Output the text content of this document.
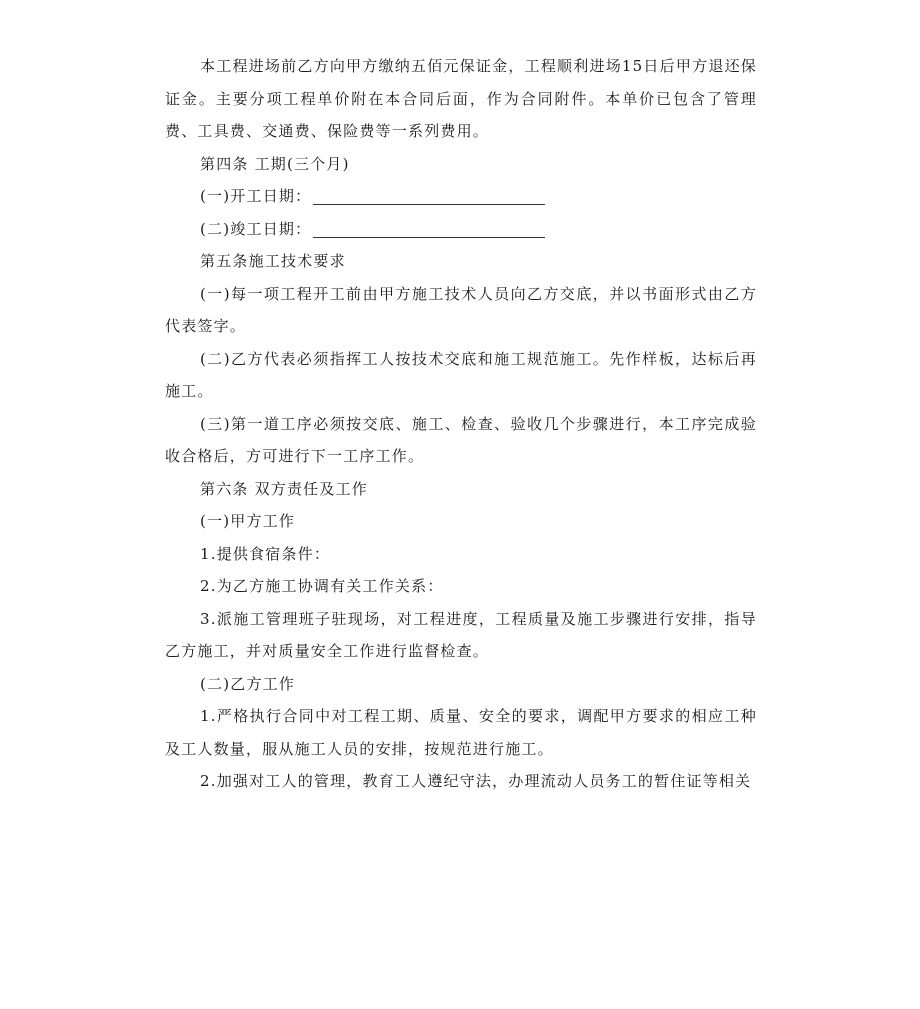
本工程进场前乙方向甲方缴纳五佰元保证金，工程顺利进场15日后甲方退还保证金。主要分项工程单价附在本合同后面，作为合同附件。本单价已包含了管理费、工具费、交通费、保险费等一系列费用。

第四条 工期(三个月)

(一)开工日期：

(二)竣工日期：

第五条施工技术要求

(一)每一项工程开工前由甲方施工技术人员向乙方交底，并以书面形式由乙方代表签字。

(二)乙方代表必须指挥工人按技术交底和施工规范施工。先作样板，达标后再施工。

(三)第一道工序必须按交底、施工、检查、验收几个步骤进行，本工序完成验收合格后，方可进行下一工序工作。

第六条 双方责任及工作

(一)甲方工作

1.提供食宿条件：

2.为乙方施工协调有关工作关系：

3.派施工管理班子驻现场，对工程进度，工程质量及施工步骤进行安排，指导乙方施工，并对质量安全工作进行监督检查。

(二)乙方工作

1.严格执行合同中对工程工期、质量、安全的要求，调配甲方要求的相应工种及工人数量，服从施工人员的安排，按规范进行施工。

2.加强对工人的管理，教育工人遵纪守法，办理流动人员务工的暂住证等相关
